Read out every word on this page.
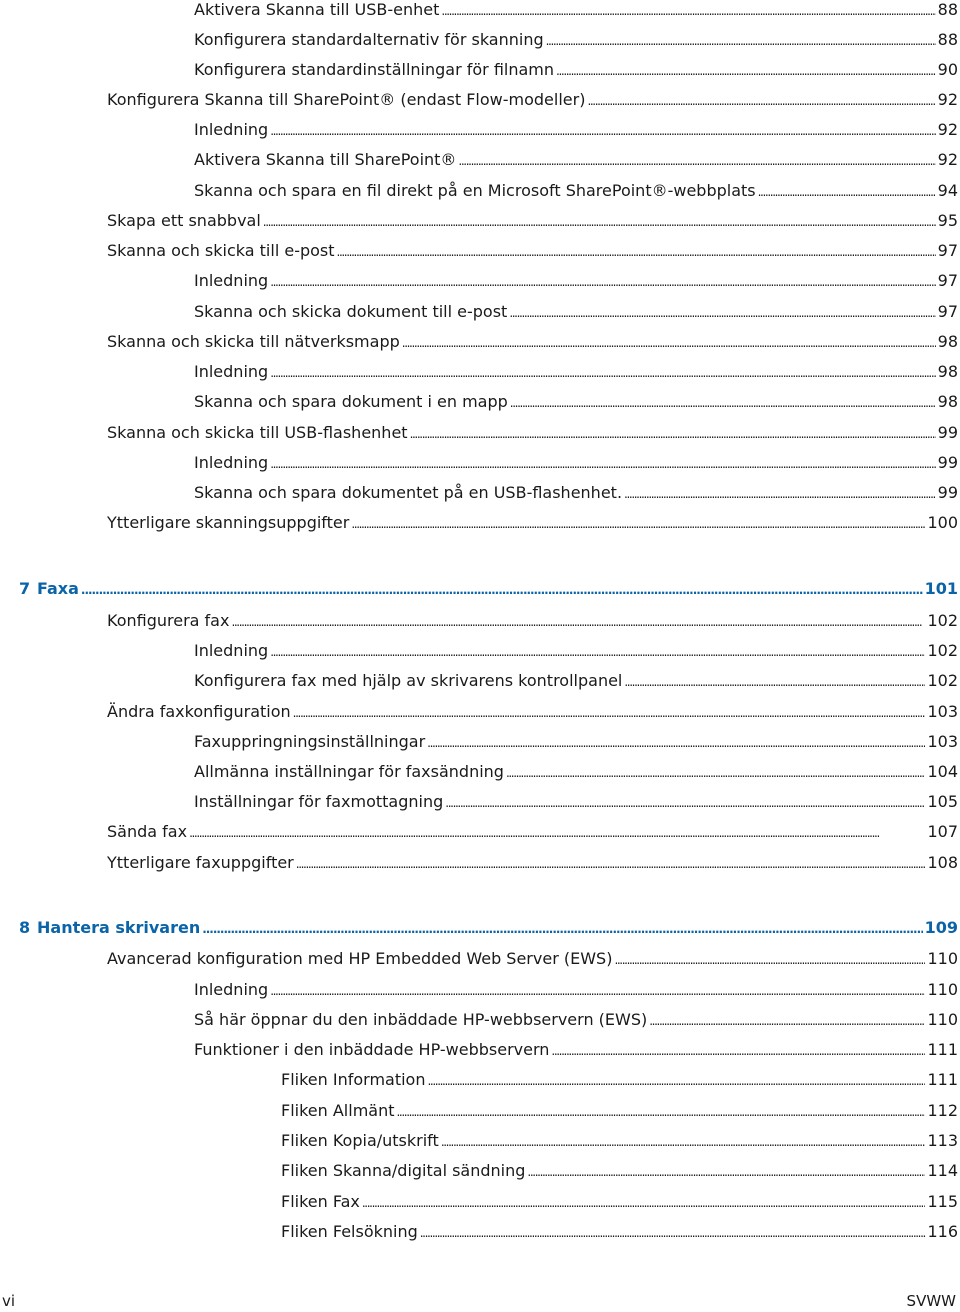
Aktivera Skanna till USB-enhet . . .	88
Konfigurera standardalternativ för skanning . . .	88
Konfigurera standardinställningar för filnamn . . .	90
Konfigurera Skanna till SharePoint® (endast Flow-modeller) . . .	92
Inledning . . .	92
Aktivera Skanna till SharePoint® . . .	92
Skanna och spara en fil direkt på en Microsoft SharePoint®-webbplats . . .	94
Skapa ett snabbval . . .	95
Skanna och skicka till e-post . . .	97
Inledning . . .	97
Skanna och skicka dokument till e-post . . .	97
Skanna och skicka till nätverksmapp . . .	98
Inledning . . .	98
Skanna och spara dokument i en mapp . . .	98
Skanna och skicka till USB-flashenhet . . .	99
Inledning . . .	99
Skanna och spara dokumentet på en USB-flashenhet. . . .	99
Ytterligare skanningsuppgifter . . .	100
7 Faxa . . .	101
Konfigurera fax . . .	102
Inledning . . .	102
Konfigurera fax med hjälp av skrivarens kontrollpanel . . .	102
Ändra faxkonfiguration . . .	103
Faxuppringningsinställningar . . .	103
Allmänna inställningar för faxsändning . . .	104
Inställningar för faxmottagning . . .	105
Sända fax . . .	107
Ytterligare faxuppgifter . . .	108
8 Hantera skrivaren . . .	109
Avancerad konfiguration med HP Embedded Web Server (EWS) . . .	110
Inledning . . .	110
Så här öppnar du den inbäddade HP-webbservern (EWS) . . .	110
Funktioner i den inbäddade HP-webbservern . . .	111
Fliken Information . . .	111
Fliken Allmänt . . .	112
Fliken Kopia/utskrift . . .	113
Fliken Skanna/digital sändning . . .	114
Fliken Fax . . .	115
Fliken Felsökning . . .	116
vi	SVWW
